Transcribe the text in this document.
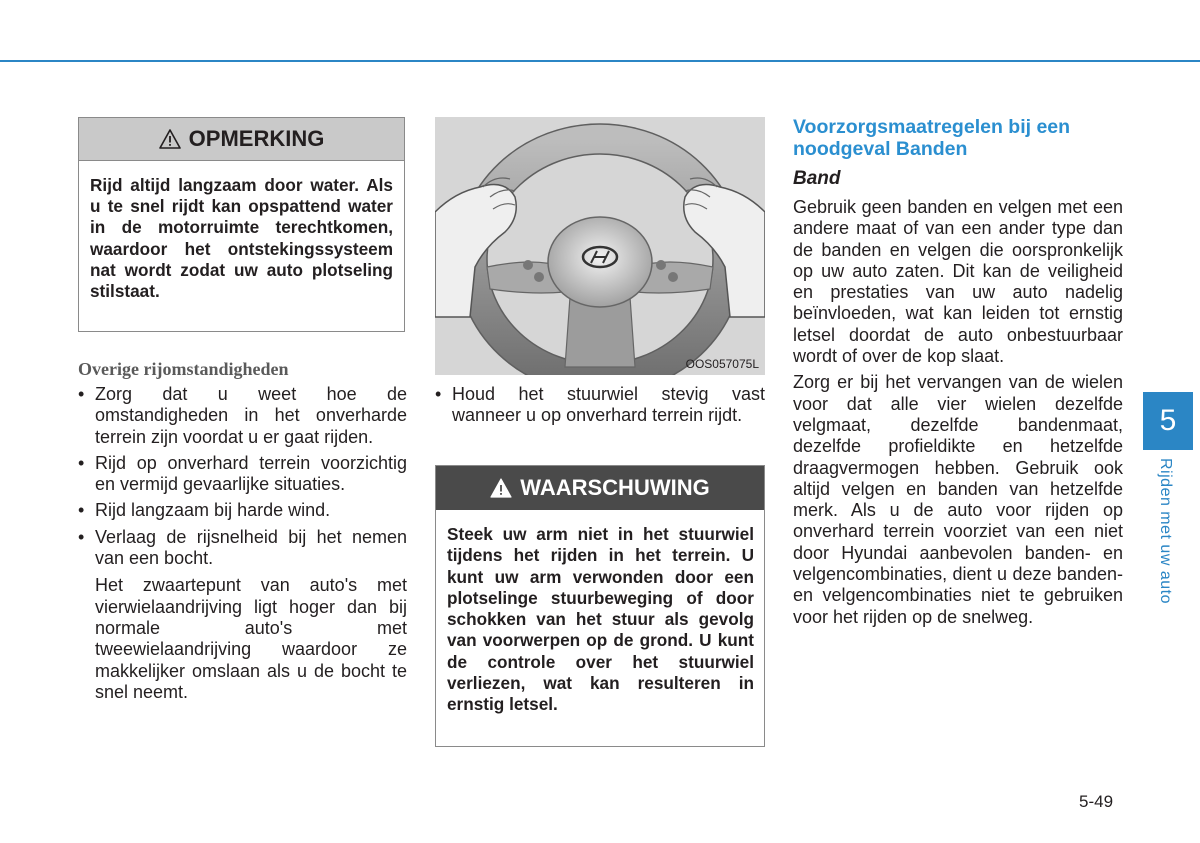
OPMERKING
Rijd altijd langzaam door water. Als u te snel rijdt kan opspattend water in de motorruimte terechtkomen, waardoor het ontstekingssysteem nat wordt zodat uw auto plotseling stilstaat.
Overige rijomstandigheden
• Zorg dat u weet hoe de omstandigheden in het onverharde terrein zijn voordat u er gaat rijden.

• Rijd op onverhard terrein voorzichtig en vermijd gevaarlijke situaties.

• Rijd langzaam bij harde wind.

• Verlaag de rijsnelheid bij het nemen van een bocht.

Het zwaartepunt van auto's met vierwielaandrijving ligt hoger dan bij normale auto's met tweewielaandrijving waardoor ze makkelijker omslaan als u de bocht te snel neemt.

OOS057075L
• Houd het stuurwiel stevig vast wanneer u op onverhard terrein rijdt.

WAARSCHUWING
Steek uw arm niet in het stuurwiel tijdens het rijden in het terrein. U kunt uw arm verwonden door een plotselinge stuurbeweging of door schokken van het stuur als gevolg van voorwerpen op de grond. U kunt de controle over het stuurwiel verliezen, wat kan resulteren in ernstig letsel.
Voorzorgsmaatregelen bij een noodgeval Banden
Band

Gebruik geen banden en velgen met een andere maat of van een ander type dan de banden en velgen die oorspronkelijk op uw auto zaten. Dit kan de veiligheid en prestaties van uw auto nadelig beïnvloeden, wat kan leiden tot ernstig letsel doordat de auto onbestuurbaar wordt of over de kop slaat.

Zorg er bij het vervangen van de wielen voor dat alle vier wielen dezelfde velgmaat, dezelfde bandenmaat, dezelfde profieldikte en hetzelfde draagvermogen hebben. Gebruik ook altijd velgen en banden van hetzelfde merk. Als u de auto voor rijden op onverhard terrein voorziet van een niet door Hyundai aanbevolen banden- en velgencombinaties, dient u deze banden- en velgencombinaties niet te gebruiken voor het rijden op de snelweg.

5
Rijden met uw auto
5-49
